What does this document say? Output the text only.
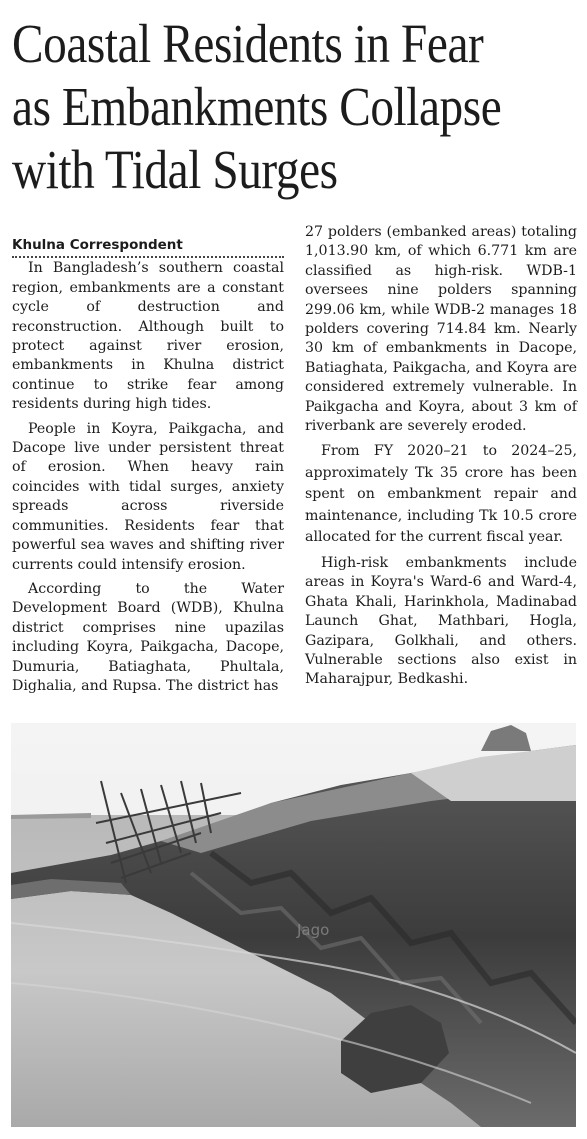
Coastal Residents in Fear
as Embankments Collapse
with Tidal Surges
Khulna Correspondent

In Bangladesh’s southern coastal region, embankments are a constant cycle of destruction and reconstruction. Although built to protect against river erosion, embankments in Khulna district continue to strike fear among residents during high tides.

People in Koyra, Paikgacha, and Dacope live under persistent threat of erosion. When heavy rain coincides with tidal surges, anxiety spreads across riverside communities. Residents fear that powerful sea waves and shifting river currents could intensify erosion.

According to the Water Development Board (WDB), Khulna district comprises nine upazilas including Koyra, Paikgacha, Dacope, Dumuria, Batiaghata, Phultala, Dighalia, and Rupsa. The district has

27 polders (embanked areas) totaling 1,013.90 km, of which 6.771 km are classified as high-risk. WDB-1 oversees nine polders spanning 299.06 km, while WDB-2 manages 18 polders covering 714.84 km. Nearly 30 km of embankments in Dacope, Batiaghata, Paikgacha, and Koyra are considered extremely vulnerable. In Paikgacha and Koyra, about 3 km of riverbank are severely eroded.

From FY 2020–21 to 2024–25, approximately Tk 35 crore has been spent on embankment repair and maintenance, including Tk 10.5 crore allocated for the current fiscal year.

High-risk embankments include areas in Koyra's Ward-6 and Ward-4, Ghata Khali, Harinkhola, Madinabad Launch Ghat, Mathbari, Hogla, Gazipara, Golkhali, and others. Vulnerable sections also exist in Maharajpur, Bedkashi.

Jago
